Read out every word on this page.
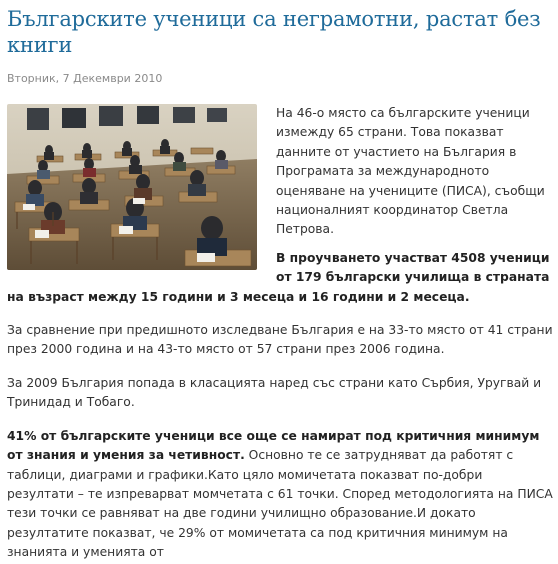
Българските ученици са неграмотни, растат без книги
Вторник, 7 Декември 2010

На 46-о място са българските ученици измежду 65 страни. Това показват данните от участието на България в Програмата за международното оценяване на учениците (ПИСА), съобщи националният координатор Светла Петрова.

В проучването участват 4508 ученици от 179 български училища в страната на възраст между 15 години и 3 месеца и 16 години и 2 месеца.

За сравнение при предишното изследване България е на 33-то място от 41 страни през 2000 година и на 43-то място от 57 страни през 2006 година.

За 2009 България попада в класацията наред със страни като Сърбия, Уругвай и Тринидад и Тобаго.

41% от българските ученици все още се намират под критичния минимум от знания и умения за четивност. Основно те се затрудняват да работят с таблици, диаграми и графики.Като цяло момичетата показват по-добри резултати – те изпреварват момчетата с 61 точки. Според методологията на ПИСА тези точки се равняват на две години училищно образование.И докато резултатите показват, че 29% от момичетата са под критичния минимум на знанията и уменията от
